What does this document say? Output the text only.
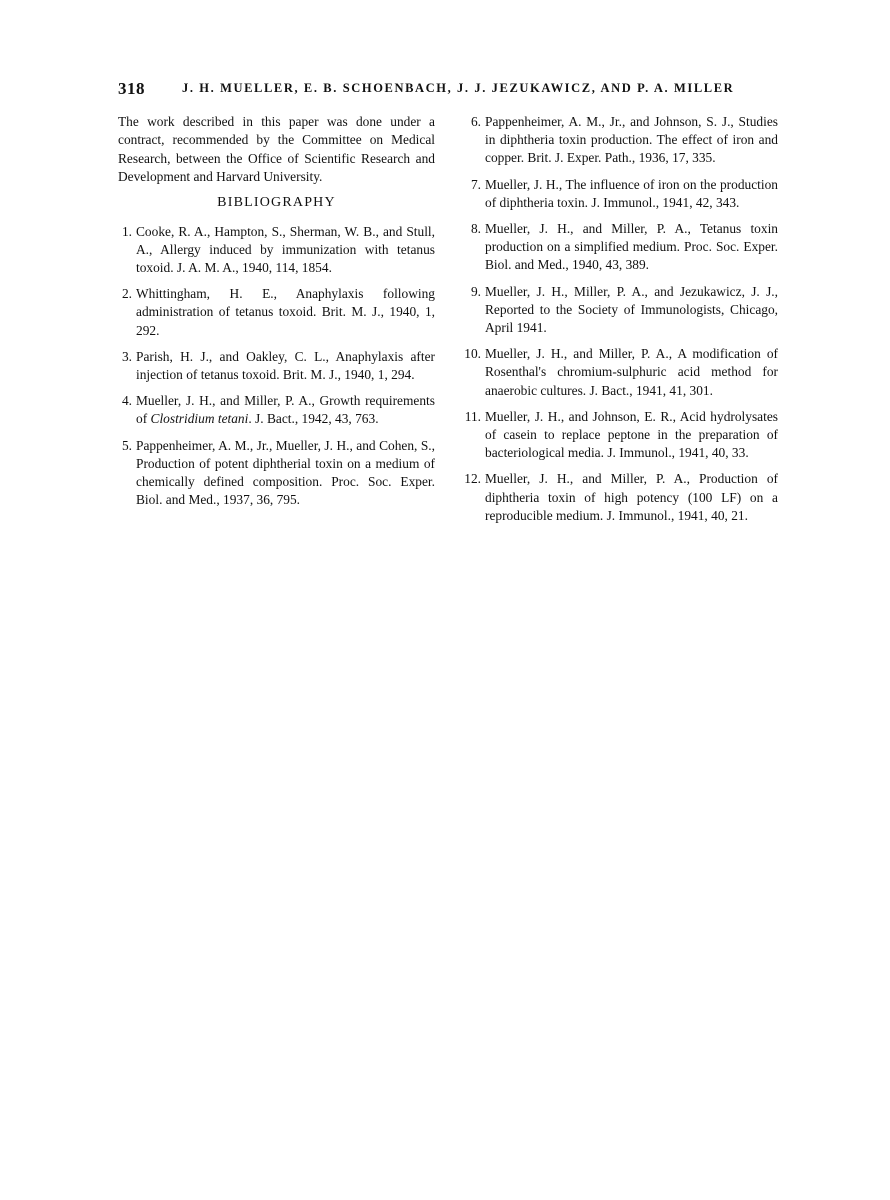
318	J. H. MUELLER, E. B. SCHOENBACH, J. J. JEZUKAWICZ, AND P. A. MILLER

The work described in this paper was done under a contract, recommended by the Committee on Medical Research, between the Office of Scientific Research and Development and Harvard University.

BIBLIOGRAPHY
1. Cooke, R. A., Hampton, S., Sherman, W. B., and Stull, A., Allergy induced by immunization with tetanus toxoid. J. A. M. A., 1940, 114, 1854.
2. Whittingham, H. E., Anaphylaxis following administration of tetanus toxoid. Brit. M. J., 1940, 1, 292.
3. Parish, H. J., and Oakley, C. L., Anaphylaxis after injection of tetanus toxoid. Brit. M. J., 1940, 1, 294.
4. Mueller, J. H., and Miller, P. A., Growth requirements of Clostridium tetani. J. Bact., 1942, 43, 763.
5. Pappenheimer, A. M., Jr., Mueller, J. H., and Cohen, S., Production of potent diphtherial toxin on a medium of chemically defined composition. Proc. Soc. Exper. Biol. and Med., 1937, 36, 795.
6. Pappenheimer, A. M., Jr., and Johnson, S. J., Studies in diphtheria toxin production. The effect of iron and copper. Brit. J. Exper. Path., 1936, 17, 335.
7. Mueller, J. H., The influence of iron on the production of diphtheria toxin. J. Immunol., 1941, 42, 343.
8. Mueller, J. H., and Miller, P. A., Tetanus toxin production on a simplified medium. Proc. Soc. Exper. Biol. and Med., 1940, 43, 389.
9. Mueller, J. H., Miller, P. A., and Jezukawicz, J. J., Reported to the Society of Immunologists, Chicago, April 1941.
10. Mueller, J. H., and Miller, P. A., A modification of Rosenthal's chromium-sulphuric acid method for anaerobic cultures. J. Bact., 1941, 41, 301.
11. Mueller, J. H., and Johnson, E. R., Acid hydrolysates of casein to replace peptone in the preparation of bacteriological media. J. Immunol., 1941, 40, 33.
12. Mueller, J. H., and Miller, P. A., Production of diphtheria toxin of high potency (100 LF) on a reproducible medium. J. Immunol., 1941, 40, 21.
